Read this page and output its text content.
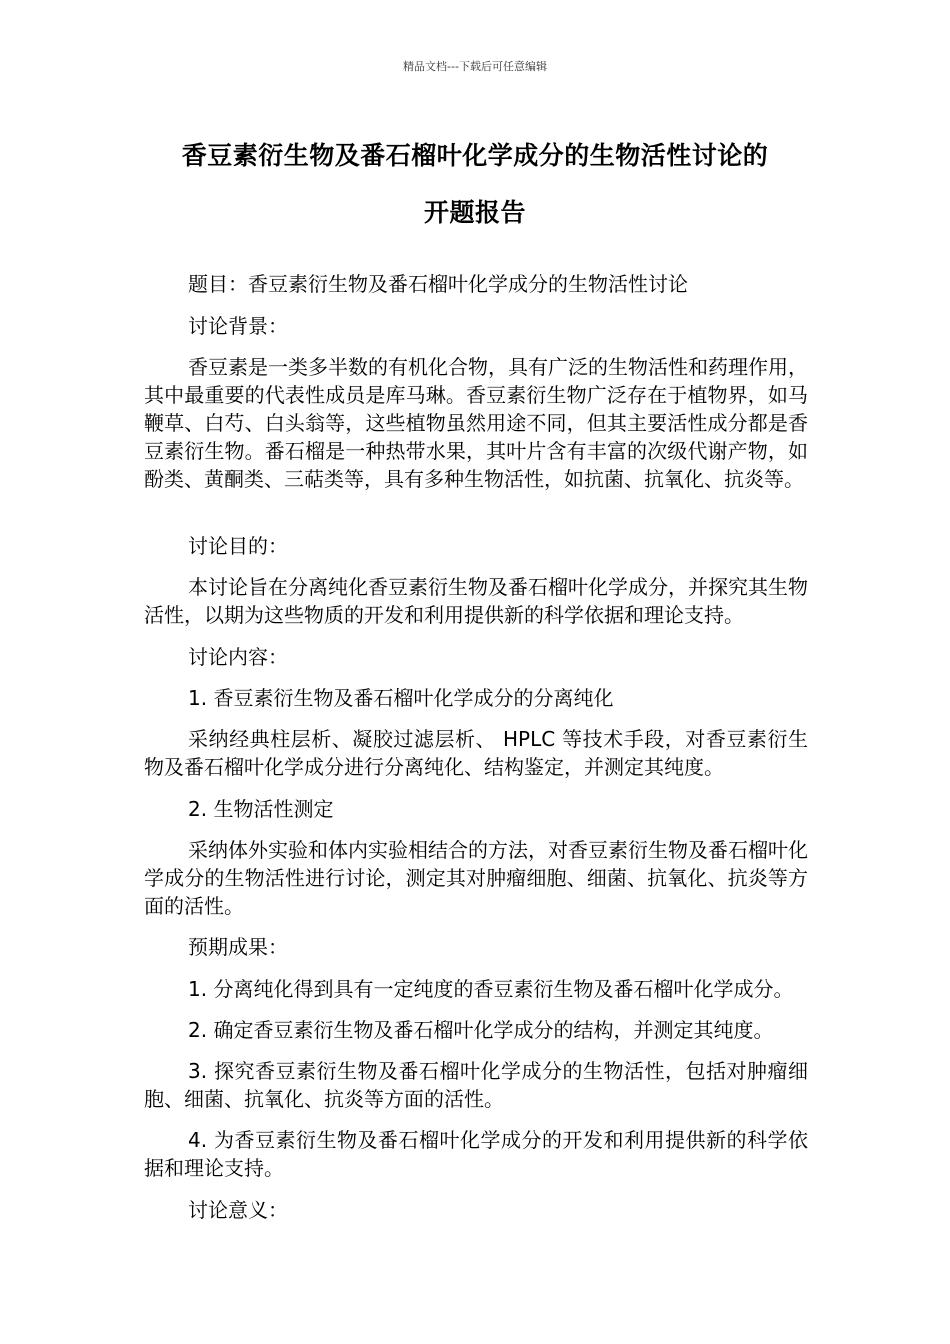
精品文档---下载后可任意编辑
香豆素衍生物及番石榴叶化学成分的生物活性讨论的
开题报告

题目：香豆素衍生物及番石榴叶化学成分的生物活性讨论

讨论背景：

香豆素是一类多半数的有机化合物，具有广泛的生物活性和药理作用，其中最重要的代表性成员是库马琳。香豆素衍生物广泛存在于植物界，如马鞭草、白芍、白头翁等，这些植物虽然用途不同，但其主要活性成分都是香豆素衍生物。番石榴是一种热带水果，其叶片含有丰富的次级代谢产物，如酚类、黄酮类、三萜类等，具有多种生物活性，如抗菌、抗氧化、抗炎等。

讨论目的：

本讨论旨在分离纯化香豆素衍生物及番石榴叶化学成分，并探究其生物活性，以期为这些物质的开发和利用提供新的科学依据和理论支持。

讨论内容：

1. 香豆素衍生物及番石榴叶化学成分的分离纯化

采纳经典柱层析、凝胶过滤层析、 HPLC 等技术手段，对香豆素衍生物及番石榴叶化学成分进行分离纯化、结构鉴定，并测定其纯度。

2. 生物活性测定

采纳体外实验和体内实验相结合的方法，对香豆素衍生物及番石榴叶化学成分的生物活性进行讨论，测定其对肿瘤细胞、细菌、抗氧化、抗炎等方面的活性。

预期成果：

1. 分离纯化得到具有一定纯度的香豆素衍生物及番石榴叶化学成分。

2. 确定香豆素衍生物及番石榴叶化学成分的结构，并测定其纯度。

3. 探究香豆素衍生物及番石榴叶化学成分的生物活性，包括对肿瘤细胞、细菌、抗氧化、抗炎等方面的活性。

4. 为香豆素衍生物及番石榴叶化学成分的开发和利用提供新的科学依据和理论支持。

讨论意义：
